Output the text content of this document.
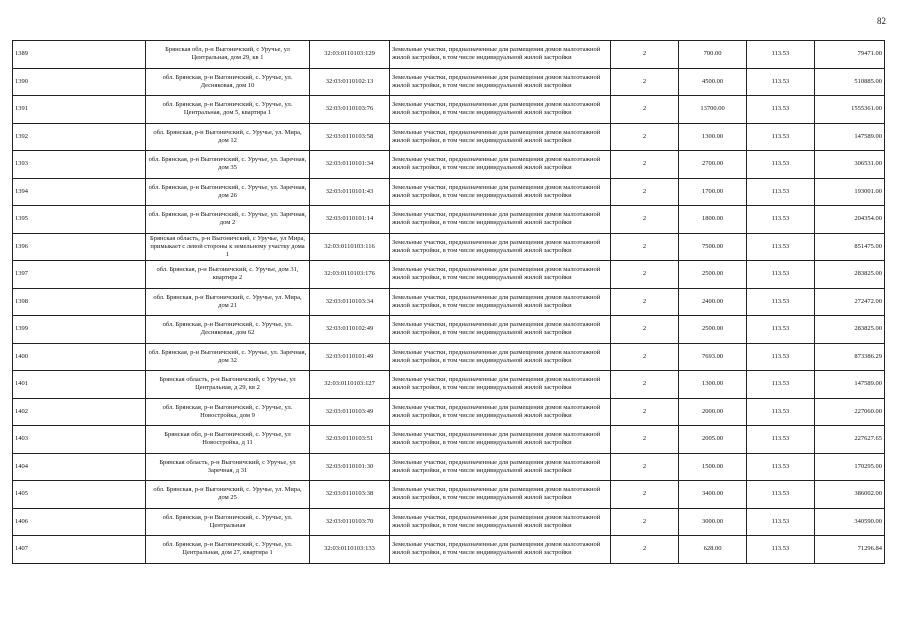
82
1389	Брянская обл, р-н Выгоничский, с Уручье, ул Центральная, дом 29, кв 1	32:03:0110103:129	Земельные участки, предназначенные для размещения домов малоэтажной жилой застройки, в том числе индивидуальной жилой застройки	2	700.00	113.53	79471.00
1390	обл. Брянская, р-н Выгоничский, с. Уручье, ул. Десняковая, дом 10	32:03:0110102:13	Земельные участки, предназначенные для размещения домов малоэтажной жилой застройки, в том числе индивидуальной жилой застройки	2	4500.00	113.53	510885.00
1391	обл. Брянская, р-н Выгоничский, с. Уручье, ул. Центральная, дом 5, квартира 1	32:03:0110103:76	Земельные участки, предназначенные для размещения домов малоэтажной жилой застройки, в том числе индивидуальной жилой застройки	2	13700.00	113.53	1555361.00
1392	обл. Брянская, р-н Выгоничский, с. Уручье, ул. Мира, дом 12	32:03:0110103:58	Земельные участки, предназначенные для размещения домов малоэтажной жилой застройки, в том числе индивидуальной жилой застройки	2	1300.00	113.53	147589.00
1393	обл. Брянская, р-н Выгоничский, с. Уручье, ул. Заречная, дом 35	32:03:0110101:34	Земельные участки, предназначенные для размещения домов малоэтажной жилой застройки, в том числе индивидуальной жилой застройки	2	2700.00	113.53	306531.00
1394	обл. Брянская, р-н Выгоничский, с. Уручье, ул. Заречная, дом 26	32:03:0110101:43	Земельные участки, предназначенные для размещения домов малоэтажной жилой застройки, в том числе индивидуальной жилой застройки	2	1700.00	113.53	193001.00
1395	обл. Брянская, р-н Выгоничский, с. Уручье, ул. Заречная, дом 2	32:03:0110101:14	Земельные участки, предназначенные для размещения домов малоэтажной жилой застройки, в том числе индивидуальной жилой застройки	2	1800.00	113.53	204354.00
1396	Брянская область, р-н Выгоничский, с Уручье, ул Мира, примыкает с левой стороны к земельному участку дома 1	32:03:0110103:116	Земельные участки, предназначенные для размещения домов малоэтажной жилой застройки, в том числе индивидуальной жилой застройки	2	7500.00	113.53	851475.00
1397	обл. Брянская, р-н Выгоничский, с. Уручье, дом 31, квартира 2	32:03:0110103:176	Земельные участки, предназначенные для размещения домов малоэтажной жилой застройки, в том числе индивидуальной жилой застройки	2	2500.00	113.53	283825.00
1398	обл. Брянская, р-н Выгоничский, с. Уручье, ул. Мира, дом 21	32:03:0110103:34	Земельные участки, предназначенные для размещения домов малоэтажной жилой застройки, в том числе индивидуальной жилой застройки	2	2400.00	113.53	272472.00
1399	обл. Брянская, р-н Выгоничский, с. Уручье, ул. Десняковая, дом 62	32:03:0110102:49	Земельные участки, предназначенные для размещения домов малоэтажной жилой застройки, в том числе индивидуальной жилой застройки	2	2500.00	113.53	283825.00
1400	обл. Брянская, р-н Выгоничский, с. Уручье, ул. Заречная, дом 32	32:03:0110101:49	Земельные участки, предназначенные для размещения домов малоэтажной жилой застройки, в том числе индивидуальной жилой застройки	2	7693.00	113.53	873386.29
1401	Брянская область, р-н Выгоничский, с Уручье, ул Центральная, д 29, кв 2	32:03:0110103:127	Земельные участки, предназначенные для размещения домов малоэтажной жилой застройки, в том числе индивидуальной жилой застройки	2	1300.00	113.53	147589.00
1402	обл. Брянская, р-н Выгоничский, с. Уручье, ул. Новостройка, дом 9	32:03:0110103:49	Земельные участки, предназначенные для размещения домов малоэтажной жилой застройки, в том числе индивидуальной жилой застройки	2	2000.00	113.53	227060.00
1403	Брянская обл, р-н Выгоничский, с. Уручье, ул Новостройка, д 11	32:03:0110103:51	Земельные участки, предназначенные для размещения домов малоэтажной жилой застройки, в том числе индивидуальной жилой застройки	2	2005.00	113.53	227627.65
1404	Брянская область, р-н Выгоничский, с Уручье, ул Заречная, д 31	32:03:0110101:30	Земельные участки, предназначенные для размещения домов малоэтажной жилой застройки, в том числе индивидуальной жилой застройки	2	1500.00	113.53	170295.00
1405	обл. Брянская, р-н Выгоничский, с. Уручье, ул. Мира, дом 25	32:03:0110103:38	Земельные участки, предназначенные для размещения домов малоэтажной жилой застройки, в том числе индивидуальной жилой застройки	2	3400.00	113.53	386002.00
1406	обл. Брянская, р-н Выгоничский, с. Уручье, ул. Центральная	32:03:0110103:70	Земельные участки, предназначенные для размещения домов малоэтажной жилой застройки, в том числе индивидуальной жилой застройки	2	3000.00	113.53	340590.00
1407	обл. Брянская, р-н Выгоничский, с. Уручье, ул. Центральная, дом 27, квартира 1	32:03:0110103:133	Земельные участки, предназначенные для размещения домов малоэтажной жилой застройки, в том числе индивидуальной жилой застройки	2	628.00	113.53	71296.84
